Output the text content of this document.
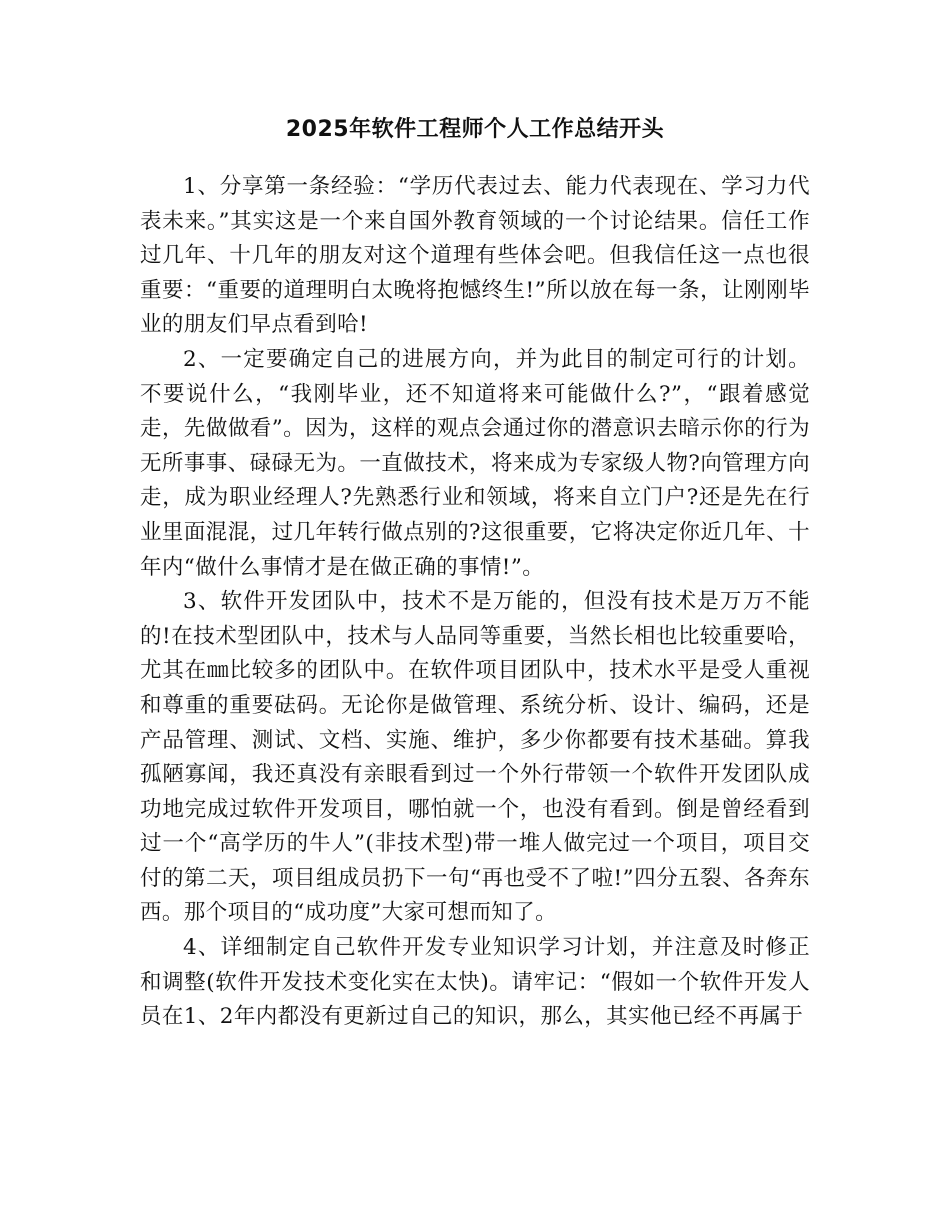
2025年软件工程师个人工作总结开头

1、分享第一条经验：“学历代表过去、能力代表现在、学习力代表未来。”其实这是一个来自国外教育领域的一个讨论结果。信任工作过几年、十几年的朋友对这个道理有些体会吧。但我信任这一点也很重要：“重要的道理明白太晚将抱憾终生!”所以放在每一条，让刚刚毕业的朋友们早点看到哈!

2、一定要确定自己的进展方向，并为此目的制定可行的计划。不要说什么，“我刚毕业，还不知道将来可能做什么?”，“跟着感觉走，先做做看”。因为，这样的观点会通过你的潜意识去暗示你的行为无所事事、碌碌无为。一直做技术，将来成为专家级人物?向管理方向走，成为职业经理人?先熟悉行业和领域，将来自立门户?还是先在行业里面混混，过几年转行做点别的?这很重要，它将决定你近几年、十年内“做什么事情才是在做正确的事情!”。

3、软件开发团队中，技术不是万能的，但没有技术是万万不能的!在技术型团队中，技术与人品同等重要，当然长相也比较重要哈，尤其在㎜比较多的团队中。在软件项目团队中，技术水平是受人重视和尊重的重要砝码。无论你是做管理、系统分析、设计、编码，还是产品管理、测试、文档、实施、维护，多少你都要有技术基础。算我孤陋寡闻，我还真没有亲眼看到过一个外行带领一个软件开发团队成功地完成过软件开发项目，哪怕就一个，也没有看到。倒是曾经看到过一个“高学历的牛人”(非技术型)带一堆人做完过一个项目，项目交付的第二天，项目组成员扔下一句“再也受不了啦!”四分五裂、各奔东西。那个项目的“成功度”大家可想而知了。

4、详细制定自己软件开发专业知识学习计划，并注意及时修正和调整(软件开发技术变化实在太快)。请牢记：“假如一个软件开发人员在1、2年内都没有更新过自己的知识，那么，其实他已经不再属于
